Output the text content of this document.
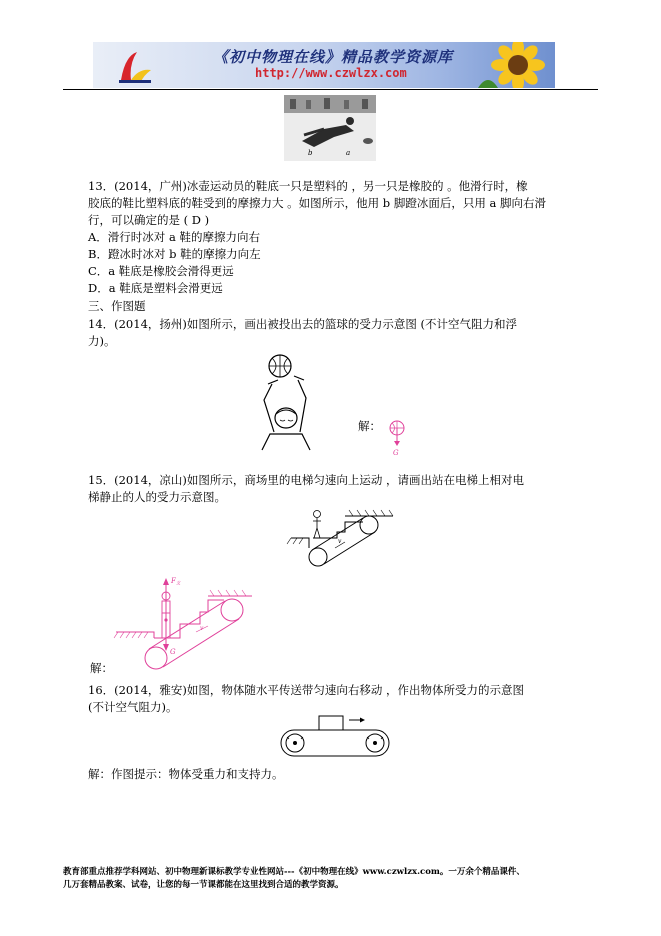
《初中物理在线》精品教学资源库
http://www.czwlzx.com
b	a
13．(2014，广州)冰壶运动员的鞋底一只是塑料的 ，另一只是橡胶的 。他滑行时，橡
胶底的鞋比塑料底的鞋受到的摩擦力大 。如图所示，他用 b 脚蹬冰面后，只用 a 脚向右滑
行，可以确定的是 ( D )
A．滑行时冰对 a 鞋的摩擦力向右
B．蹬冰时冰对 b 鞋的摩擦力向左
C．a 鞋底是橡胶会滑得更远
D．a 鞋底是塑料会滑更远
三、作图题
14．(2014，扬州)如图所示，画出被投出去的篮球的受力示意图 (不计空气阻力和浮
力)。
解：
G
15．(2014，凉山)如图所示，商场里的电梯匀速向上运动 ，请画出站在电梯上相对电
梯静止的人的受力示意图。
v
$F_支$
G
v
解：
16．(2014，雅安)如图，物体随水平传送带匀速向右移动 ，作出物体所受力的示意图
(不计空气阻力)。
解：作图提示：物体受重力和支持力。
教育部重点推荐学科网站、初中物理新课标教学专业性网站---《初中物理在线》www.czwlzx.com。一万余个精品课件、
几万套精品教案、试卷，让您的每一节课都能在这里找到合适的教学资源。
